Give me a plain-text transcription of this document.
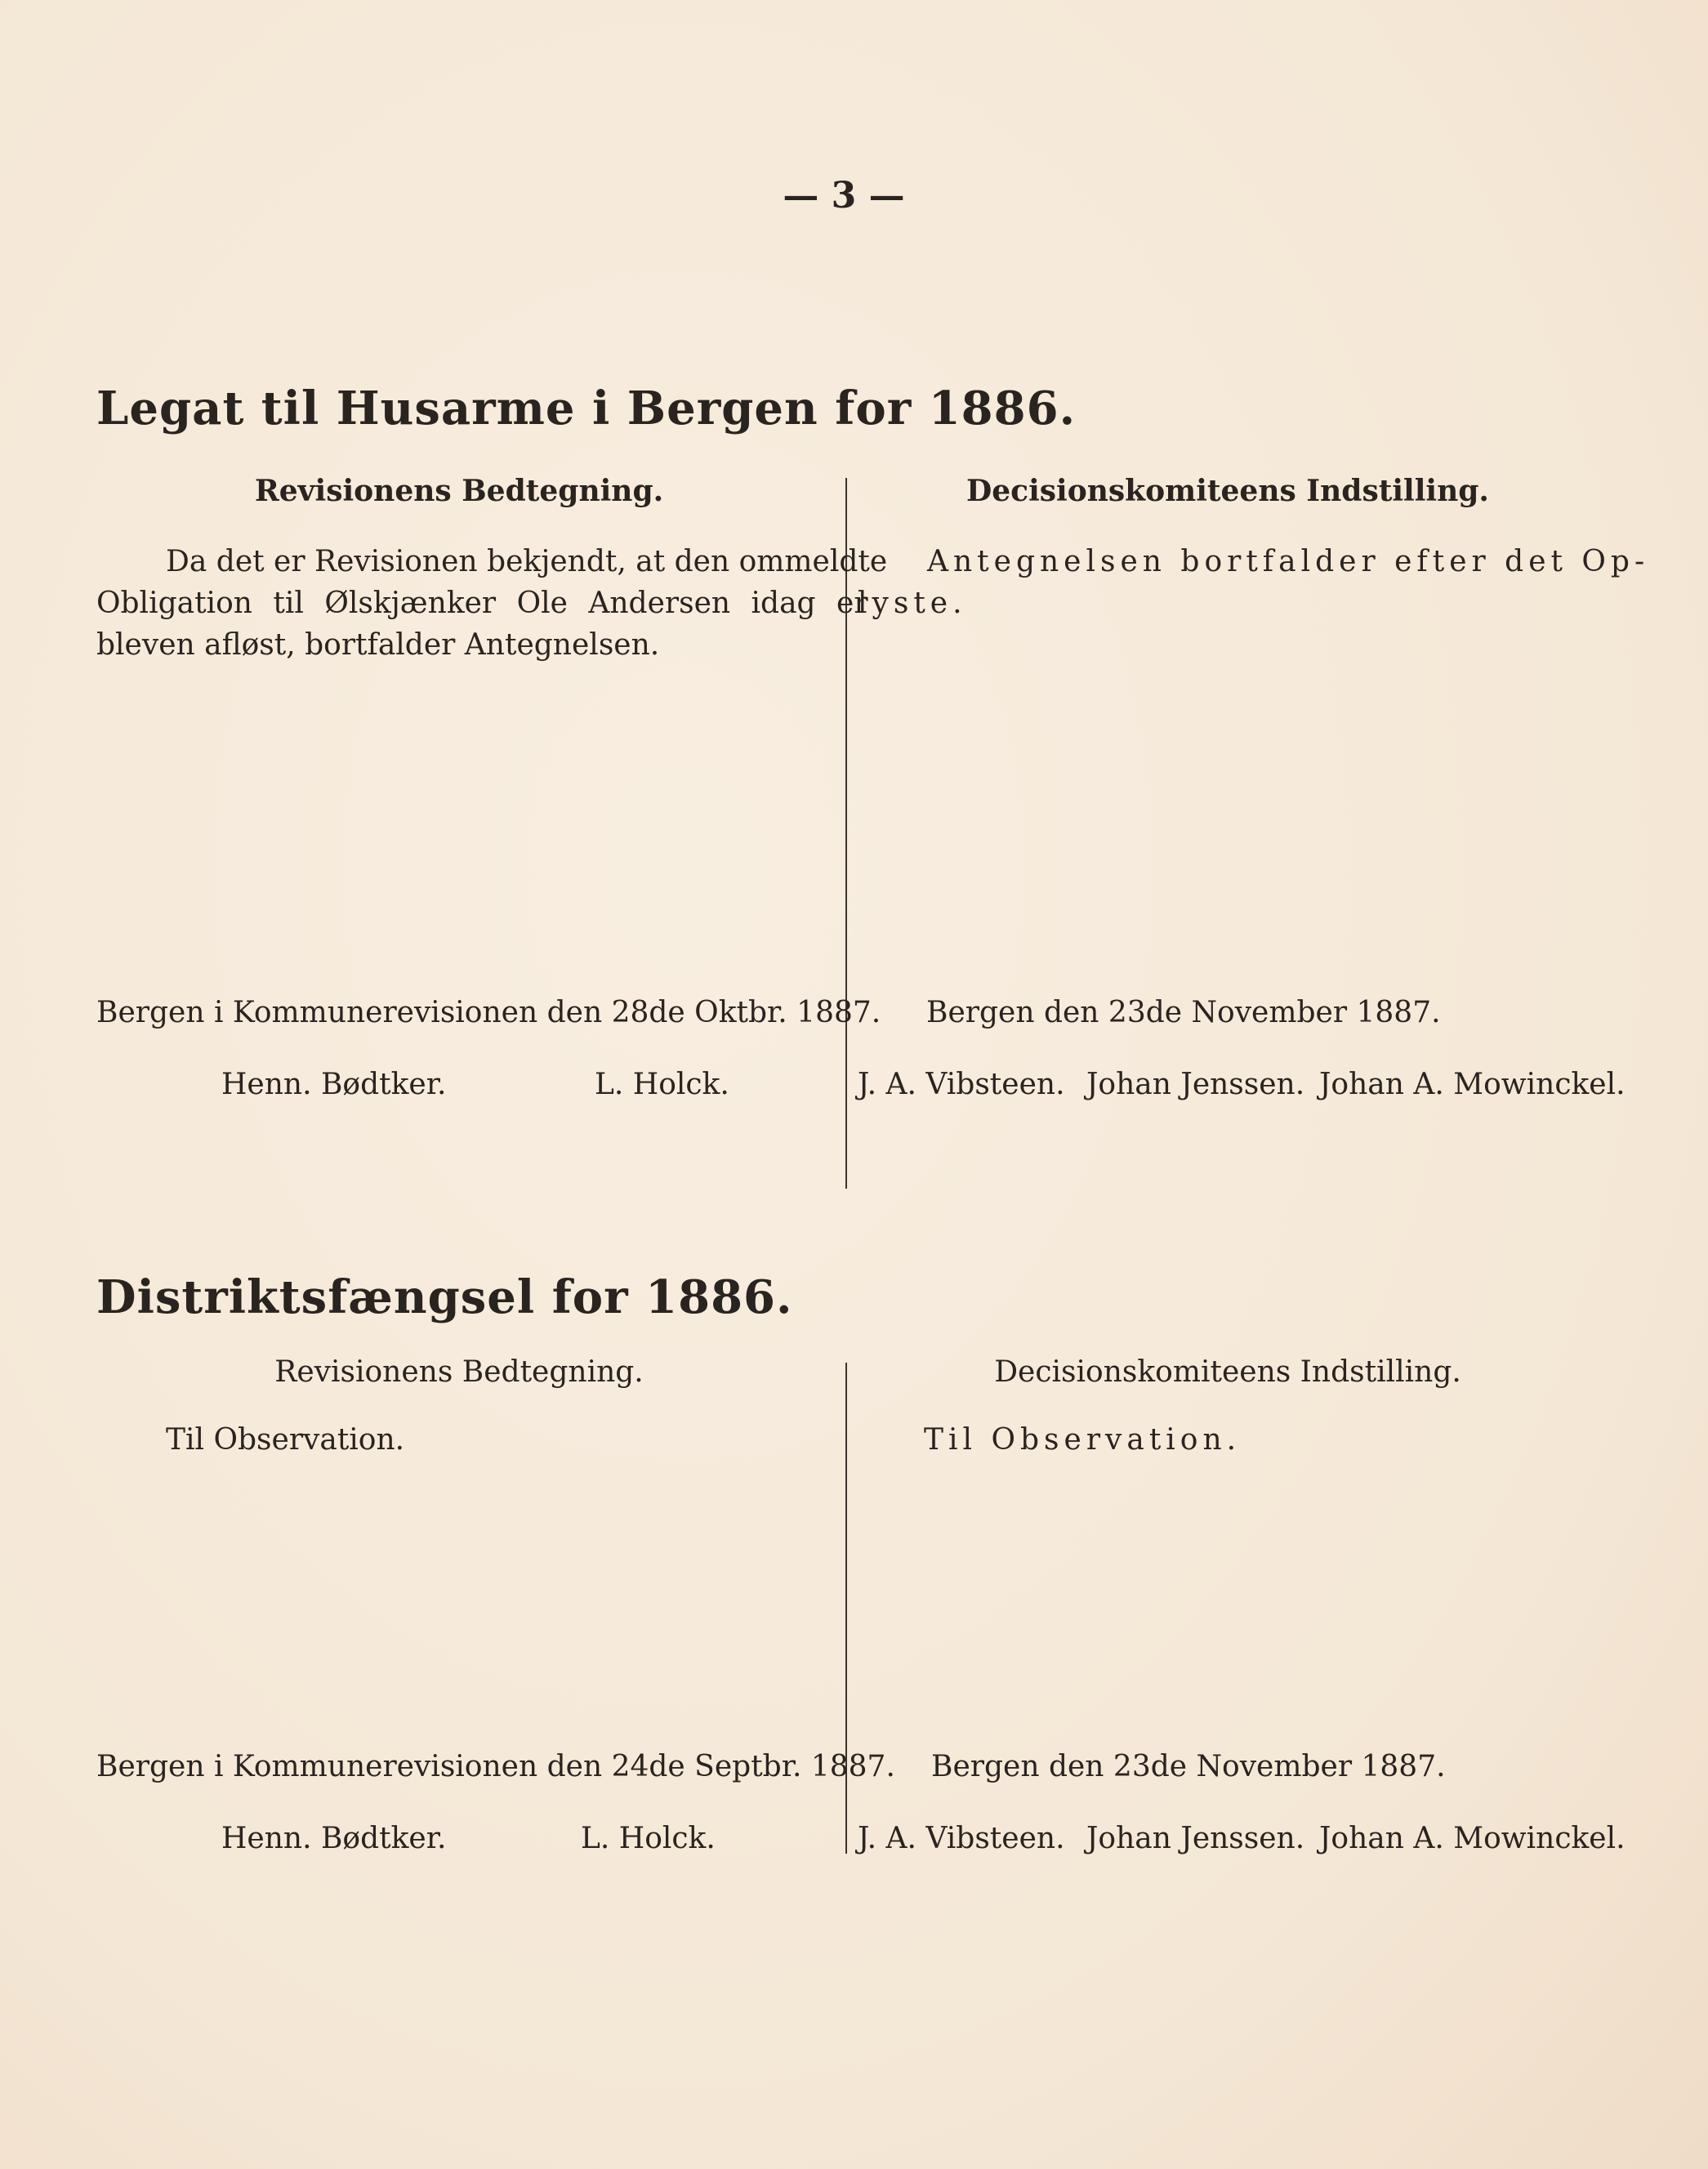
— 3 —
Legat til Husarme i Bergen for 1886.
Revisionens Bedtegning.	Decisionskomiteens Indstilling.
Da det er Revisionen bekjendt, at den ommeldte
Obligation til Ølskjænker Ole Andersen idag er
bleven afløst, bortfalder Antegnelsen.
Antegnelsen bortfalder efter det Op-
lyste.
Bergen i Kommunerevisionen den 28de Oktbr. 1887. Bergen den 23de November 1887.
Henn. Bødtker.	L. Holck.	J. A. Vibsteen. Johan Jenssen. Johan A. Mowinckel.
Distriktsfængsel for 1886.
Revisionens Bedtegning.	Decisionskomiteens Indstilling.
Til Observation.	Til Observation.
Bergen i Kommunerevisionen den 24de Septbr. 1887. Bergen den 23de November 1887.
Henn. Bødtker.	L. Holck.	J. A. Vibsteen. Johan Jenssen. Johan A. Mowinckel.
